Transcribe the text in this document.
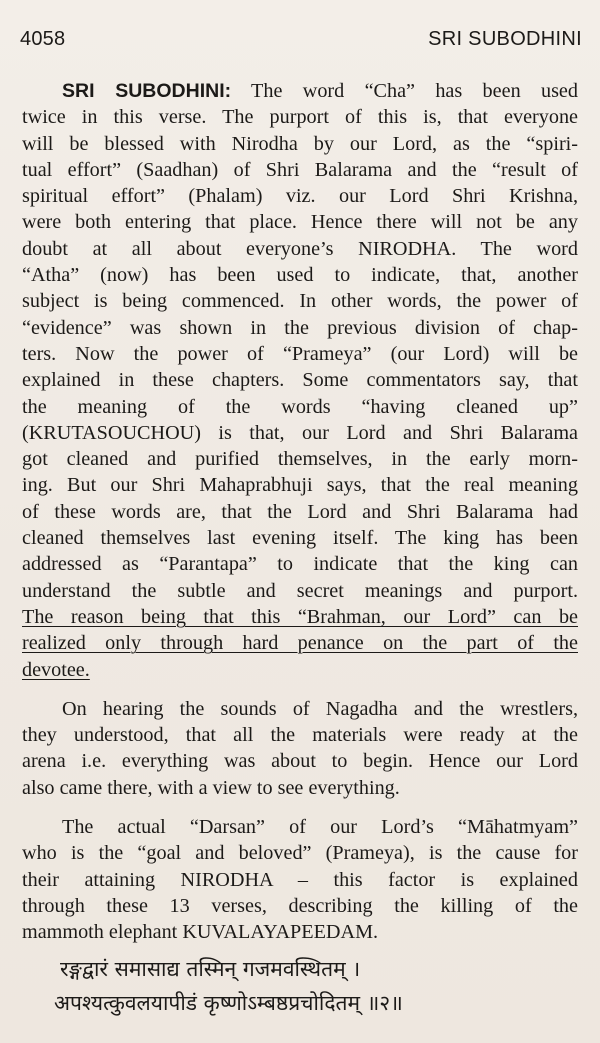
4058	SRI SUBODHINI
SRI SUBODHINI: The word “Cha” has been used
twice in this verse. The purport of this is, that everyone
will be blessed with Nirodha by our Lord, as the “spiri-
tual effort” (Saadhan) of Shri Balarama and the “result of
spiritual effort” (Phalam) viz. our Lord Shri Krishna,
were both entering that place. Hence there will not be any
doubt at all about everyone’s NIRODHA. The word
“Atha” (now) has been used to indicate, that, another
subject is being commenced. In other words, the power of
“evidence” was shown in the previous division of chap-
ters. Now the power of “Prameya” (our Lord) will be
explained in these chapters. Some commentators say, that
the meaning of the words “having cleaned up”
(KRUTASOUCHOU) is that, our Lord and Shri Balarama
got cleaned and purified themselves, in the early morn-
ing. But our Shri Mahaprabhuji says, that the real meaning
of these words are, that the Lord and Shri Balarama had
cleaned themselves last evening itself. The king has been
addressed as “Parantapa” to indicate that the king can
understand the subtle and secret meanings and purport.
The reason being that this “Brahman, our Lord” can be
realized only through hard penance on the part of the
devotee.
On hearing the sounds of Nagadha and the wrestlers,
they understood, that all the materials were ready at the
arena i.e. everything was about to begin. Hence our Lord
also came there, with a view to see everything.
The actual “Darsan” of our Lord’s “Māhatmyam”
who is the “goal and beloved” (Prameya), is the cause for
their attaining NIRODHA – this factor is explained
through these 13 verses, describing the killing of the
mammoth elephant KUVALAYAPEEDAM.
रङ्गद्वारं समासाद्य तस्मिन् गजमवस्थितम् ।
अपश्यत्कुवलयापीडं कृष्णोऽम्बष्ठप्रचोदितम् ॥२॥
